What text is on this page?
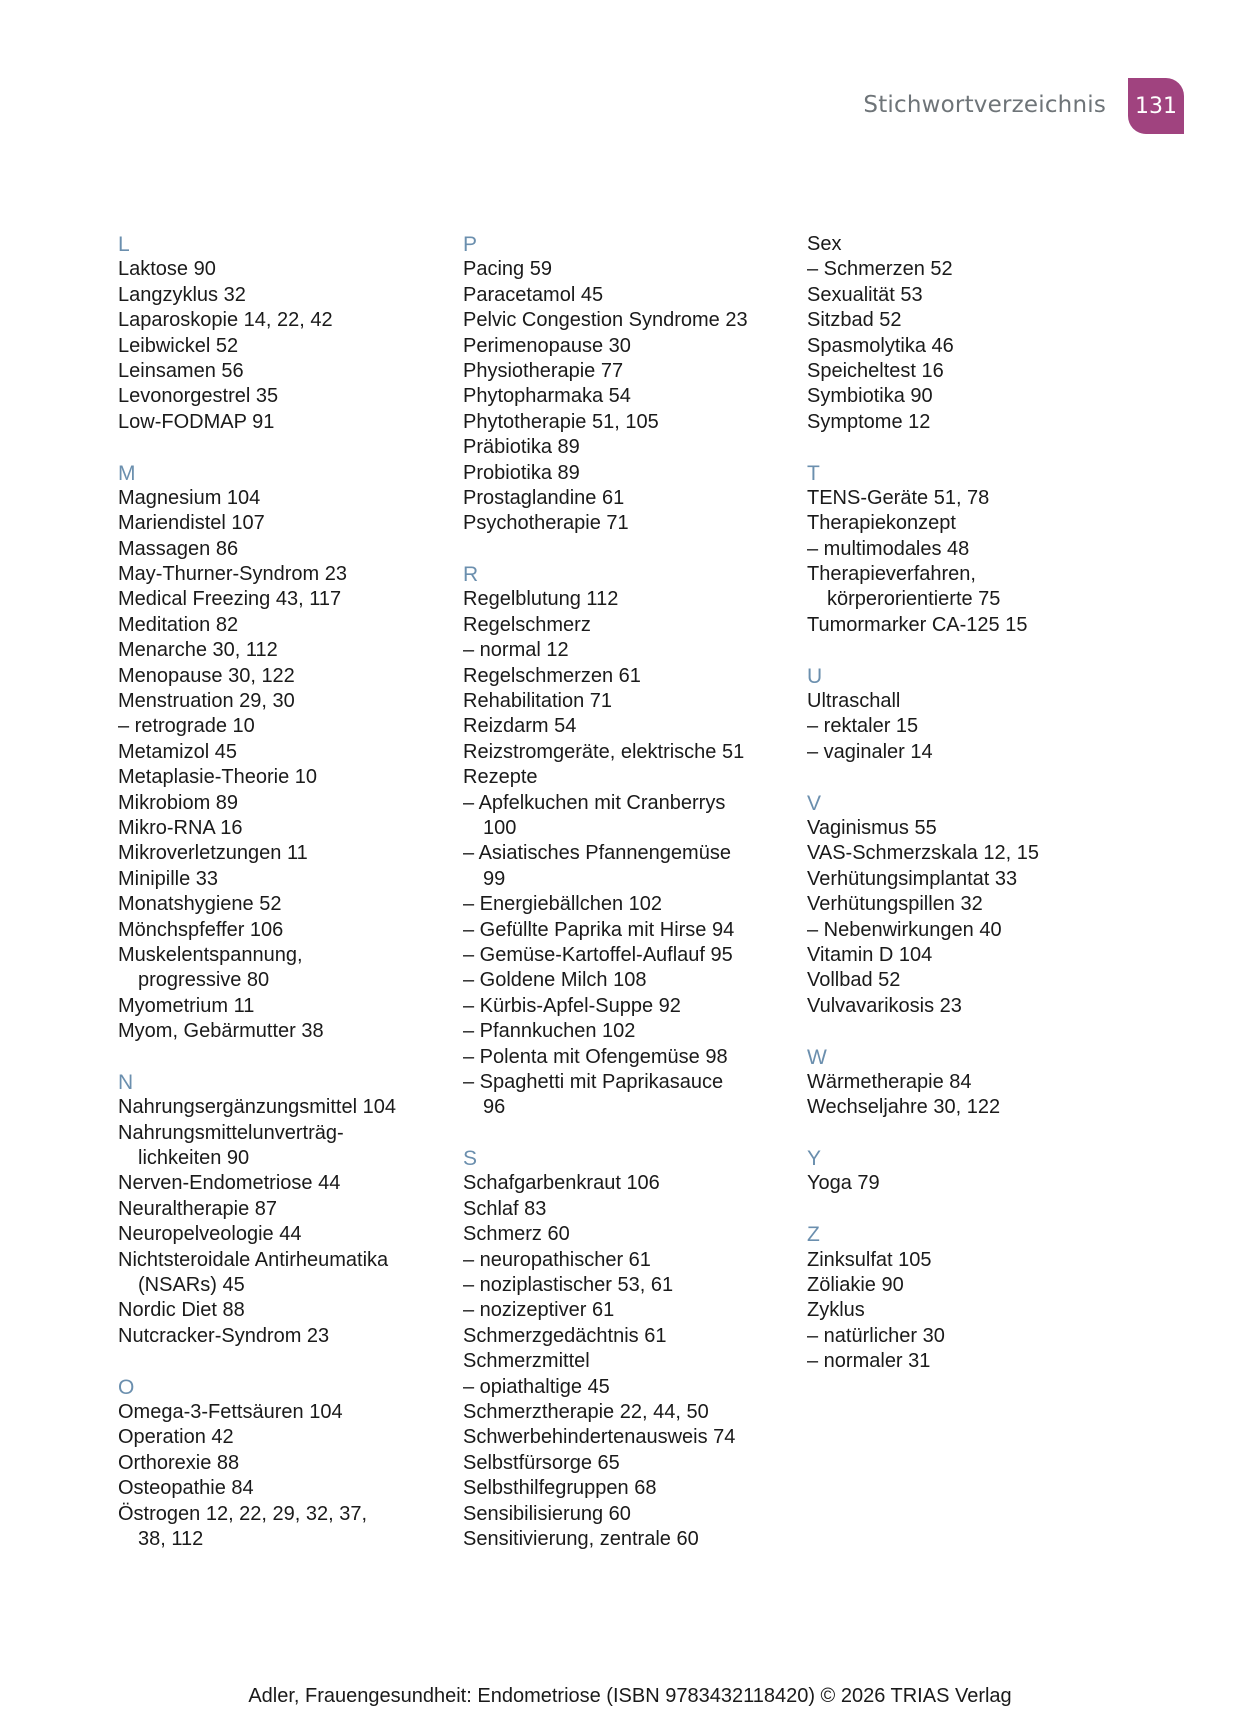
Stichwortverzeichnis	131
L
Laktose 90
Langzyklus 32
Laparoskopie 14, 22, 42
Leibwickel 52
Leinsamen 56
Levonorgestrel 35
Low-FODMAP 91
M
Magnesium 104
Mariendistel 107
Massagen 86
May-Thurner-Syndrom 23
Medical Freezing 43, 117
Meditation 82
Menarche 30, 112
Menopause 30, 122
Menstruation 29, 30
– retrograde 10
Metamizol 45
Metaplasie-Theorie 10
Mikrobiom 89
Mikro-RNA 16
Mikroverletzungen 11
Minipille 33
Monatshygiene 52
Mönchspfeffer 106
Muskelentspannung,
progressive 80
Myometrium 11
Myom, Gebärmutter 38
N
Nahrungsergänzungsmittel 104
Nahrungsmittelunverträg-
lichkeiten 90
Nerven-Endometriose 44
Neuraltherapie 87
Neuropelveologie 44
Nichtsteroidale Antirheumatika
(NSARs) 45
Nordic Diet 88
Nutcracker-Syndrom 23
O
Omega-3-Fettsäuren 104
Operation 42
Orthorexie 88
Osteopathie 84
Östrogen 12, 22, 29, 32, 37,
38, 112
P
Pacing 59
Paracetamol 45
Pelvic Congestion Syndrome 23
Perimenopause 30
Physiotherapie 77
Phytopharmaka 54
Phytotherapie 51, 105
Präbiotika 89
Probiotika 89
Prostaglandine 61
Psychotherapie 71
R
Regelblutung 112
Regelschmerz
– normal 12
Regelschmerzen 61
Rehabilitation 71
Reizdarm 54
Reizstromgeräte, elektrische 51
Rezepte
– Apfelkuchen mit Cranberrys
100
– Asiatisches Pfannengemüse
99
– Energiebällchen 102
– Gefüllte Paprika mit Hirse 94
– Gemüse-Kartoffel-Auflauf 95
– Goldene Milch 108
– Kürbis-Apfel-Suppe 92
– Pfannkuchen 102
– Polenta mit Ofengemüse 98
– Spaghetti mit Paprikasauce
96
S
Schafgarbenkraut 106
Schlaf 83
Schmerz 60
– neuropathischer 61
– noziplastischer 53, 61
– nozizeptiver 61
Schmerzgedächtnis 61
Schmerzmittel
– opiathaltige 45
Schmerztherapie 22, 44, 50
Schwerbehindertenausweis 74
Selbstfürsorge 65
Selbsthilfegruppen 68
Sensibilisierung 60
Sensitivierung, zentrale 60
Sex
– Schmerzen 52
Sexualität 53
Sitzbad 52
Spasmolytika 46
Speicheltest 16
Symbiotika 90
Symptome 12
T
TENS-Geräte 51, 78
Therapiekonzept
– multimodales 48
Therapieverfahren,
körperorientierte 75
Tumormarker CA-125 15
U
Ultraschall
– rektaler 15
– vaginaler 14
V
Vaginismus 55
VAS-Schmerzskala 12, 15
Verhütungsimplantat 33
Verhütungspillen 32
– Nebenwirkungen 40
Vitamin D 104
Vollbad 52
Vulvavarikosis 23
W
Wärmetherapie 84
Wechseljahre 30, 122
Y
Yoga 79
Z
Zinksulfat 105
Zöliakie 90
Zyklus
– natürlicher 30
– normaler 31
Adler, Frauengesundheit: Endometriose (ISBN 9783432118420) © 2026 TRIAS Verlag
